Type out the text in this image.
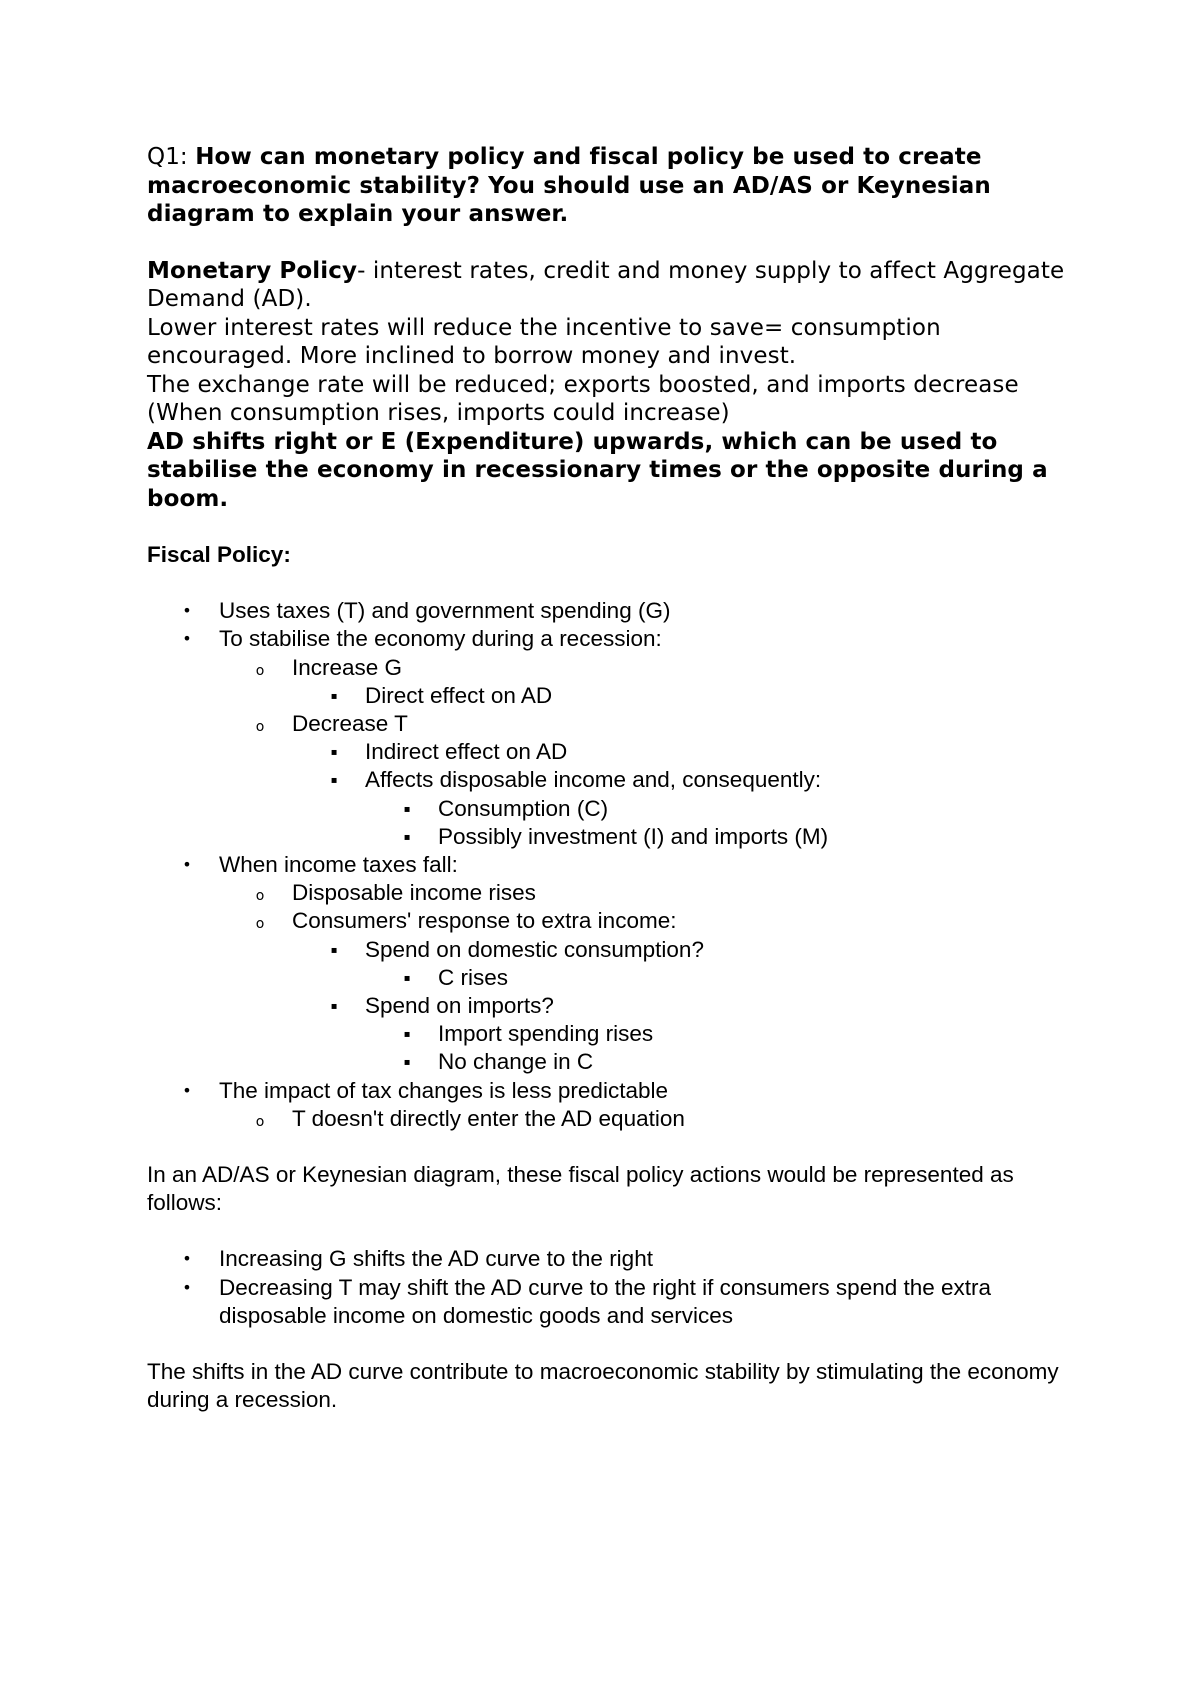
Q1: How can monetary policy and fiscal policy be used to create macroeconomic stability? You should use an AD/AS or Keynesian diagram to explain your answer.

Monetary Policy- interest rates, credit and money supply to affect Aggregate Demand (AD).

Lower interest rates will reduce the incentive to save= consumption encouraged. More inclined to borrow money and invest.

The exchange rate will be reduced; exports boosted, and imports decrease (When consumption rises, imports could increase)

AD shifts right or E (Expenditure) upwards, which can be used to stabilise the economy in recessionary times or the opposite during a boom.

Fiscal Policy:

•
Uses taxes (T) and government spending (G)
•
To stabilise the economy during a recession:
o
Increase G
▪
Direct effect on AD
o
Decrease T
▪
Indirect effect on AD
▪
Affects disposable income and, consequently:
▪
Consumption (C)
▪
Possibly investment (I) and imports (M)
•
When income taxes fall:
o
Disposable income rises
o
Consumers' response to extra income:
▪
Spend on domestic consumption?
▪
C rises
▪
Spend on imports?
▪
Import spending rises
▪
No change in C
•
The impact of tax changes is less predictable
o
T doesn't directly enter the AD equation

In an AD/AS or Keynesian diagram, these fiscal policy actions would be represented as follows:

•
Increasing G shifts the AD curve to the right
•
Decreasing T may shift the AD curve to the right if consumers spend the extra disposable income on domestic goods and services

The shifts in the AD curve contribute to macroeconomic stability by stimulating the economy during a recession.
